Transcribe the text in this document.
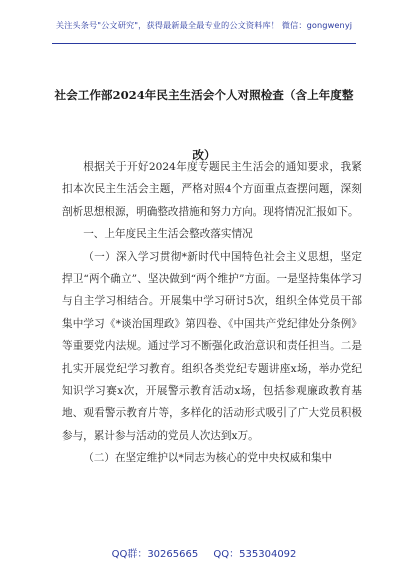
关注头条号"公文研究"，获得最新最全最专业的公文资料库！ 微信：gongwenyj
社会工作部2024年民主生活会个人对照检查（含上年度整改）

根据关于开好2024年度专题民主生活会的通知要求，我紧扣本次民主生活会主题，严格对照4个方面重点查摆问题，深刻剖析思想根源，明确整改措施和努力方向。现将情况汇报如下。

一、上年度民主生活会整改落实情况

（一）深入学习贯彻*新时代中国特色社会主义思想，坚定捍卫“两个确立”、坚决做到“两个维护”方面。一是坚持集体学习与自主学习相结合。开展集中学习研讨5次，组织全体党员干部集中学习《*谈治国理政》第四卷、《中国共产党纪律处分条例》等重要党内法规。通过学习不断强化政治意识和责任担当。二是扎实开展党纪学习教育。组织各类党纪专题讲座x场，举办党纪知识学习赛x次，开展警示教育活动x场，包括参观廉政教育基地、观看警示教育片等，多样化的活动形式吸引了广大党员积极参与，累计参与活动的党员人次达到x万。

（二）在坚定维护以*同志为核心的党中央权威和集中

QQ群：30265665 QQ：535304092
